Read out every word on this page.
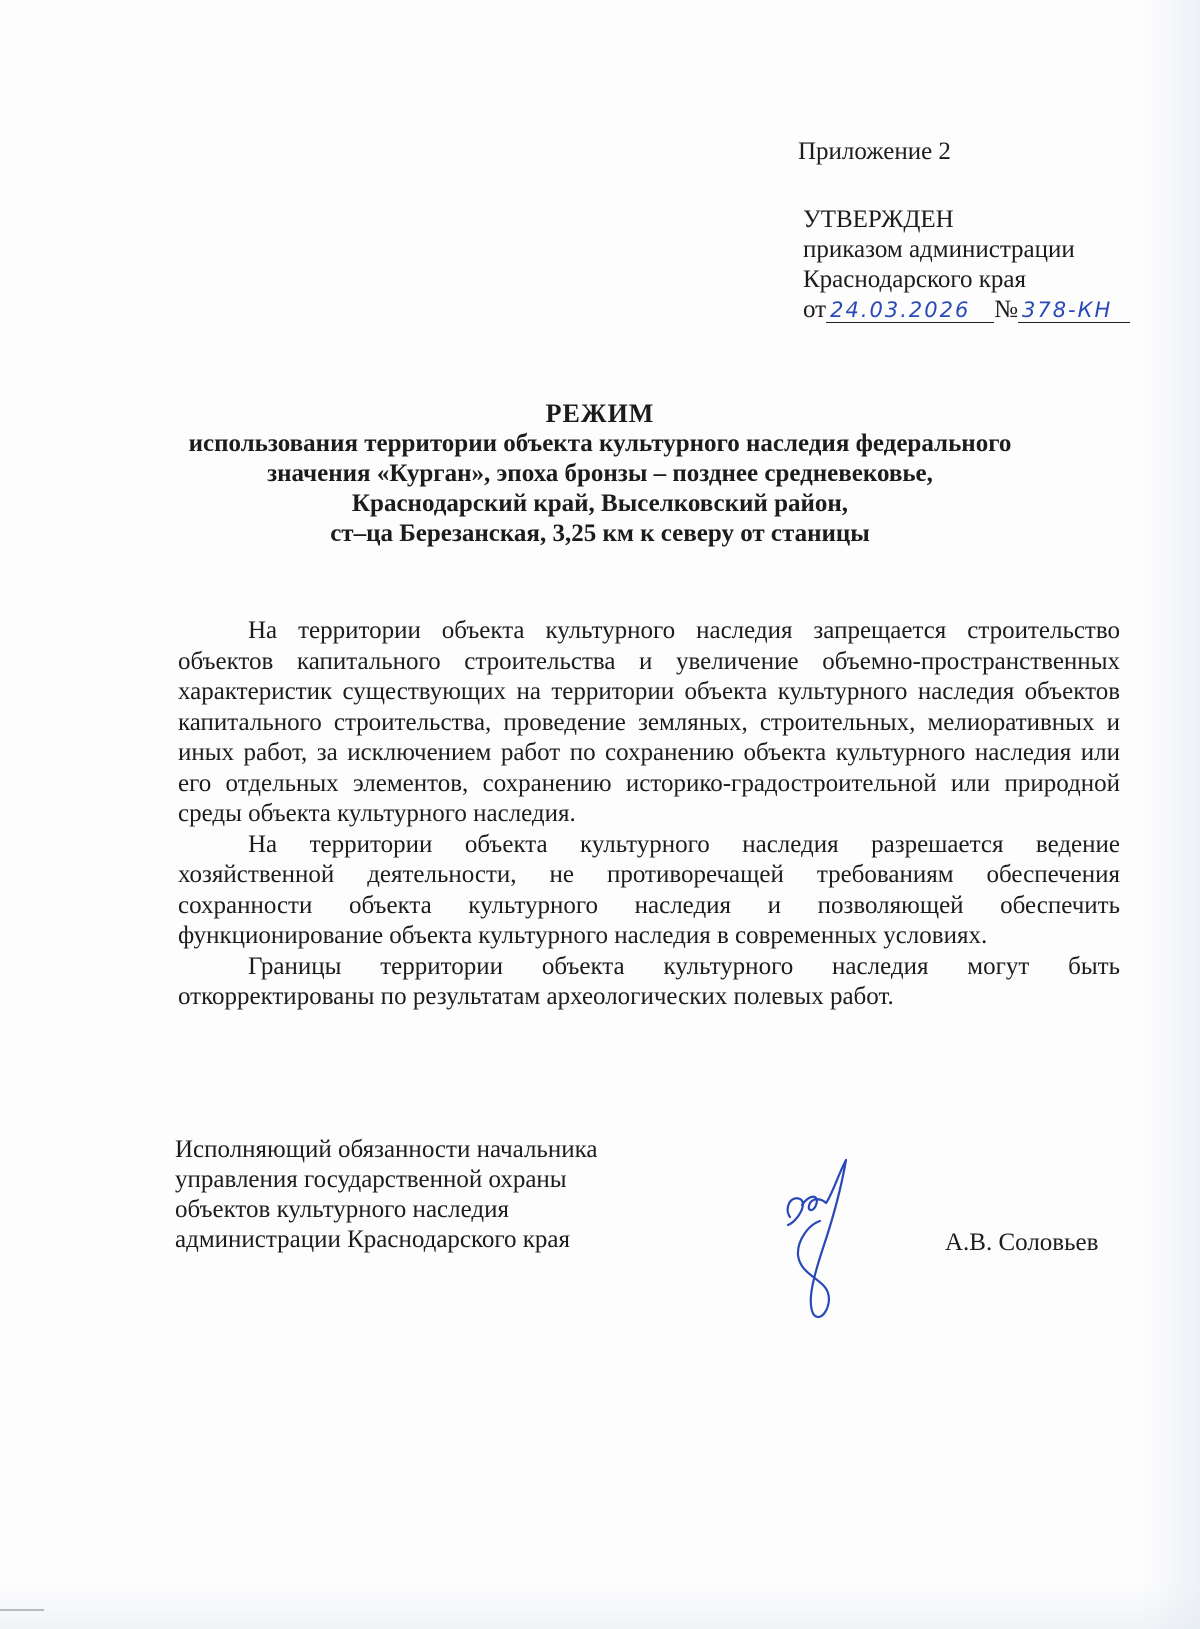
Приложение 2
УТВЕРЖДЕН
приказом администрации
Краснодарского края
от 24.03.2026 № 378-КН
РЕЖИМ
использования территории объекта культурного наследия федерального
значения «Курган», эпоха бронзы – позднее средневековье,
Краснодарский край, Выселковский район,
ст–ца Березанская, 3,25 км к северу от станицы

На территории объекта культурного наследия запрещается строительство объектов капитального строительства и увеличение объемно-пространственных характеристик существующих на территории объекта культурного наследия объектов капитального строительства, проведение земляных, строительных, мелиоративных и иных работ, за исключением работ по сохранению объекта культурного наследия или его отдельных элементов, сохранению историко-градостроительной или природной среды объекта культурного наследия.

На территории объекта культурного наследия разрешается ведение хозяйственной деятельности, не противоречащей требованиям обеспечения сохранности объекта культурного наследия и позволяющей обеспечить функционирование объекта культурного наследия в современных условиях.

Границы территории объекта культурного наследия могут быть откорректированы по результатам археологических полевых работ.

Исполняющий обязанности начальника
управления государственной охраны
объектов культурного наследия
администрации Краснодарского края	А.В. Соловьев
